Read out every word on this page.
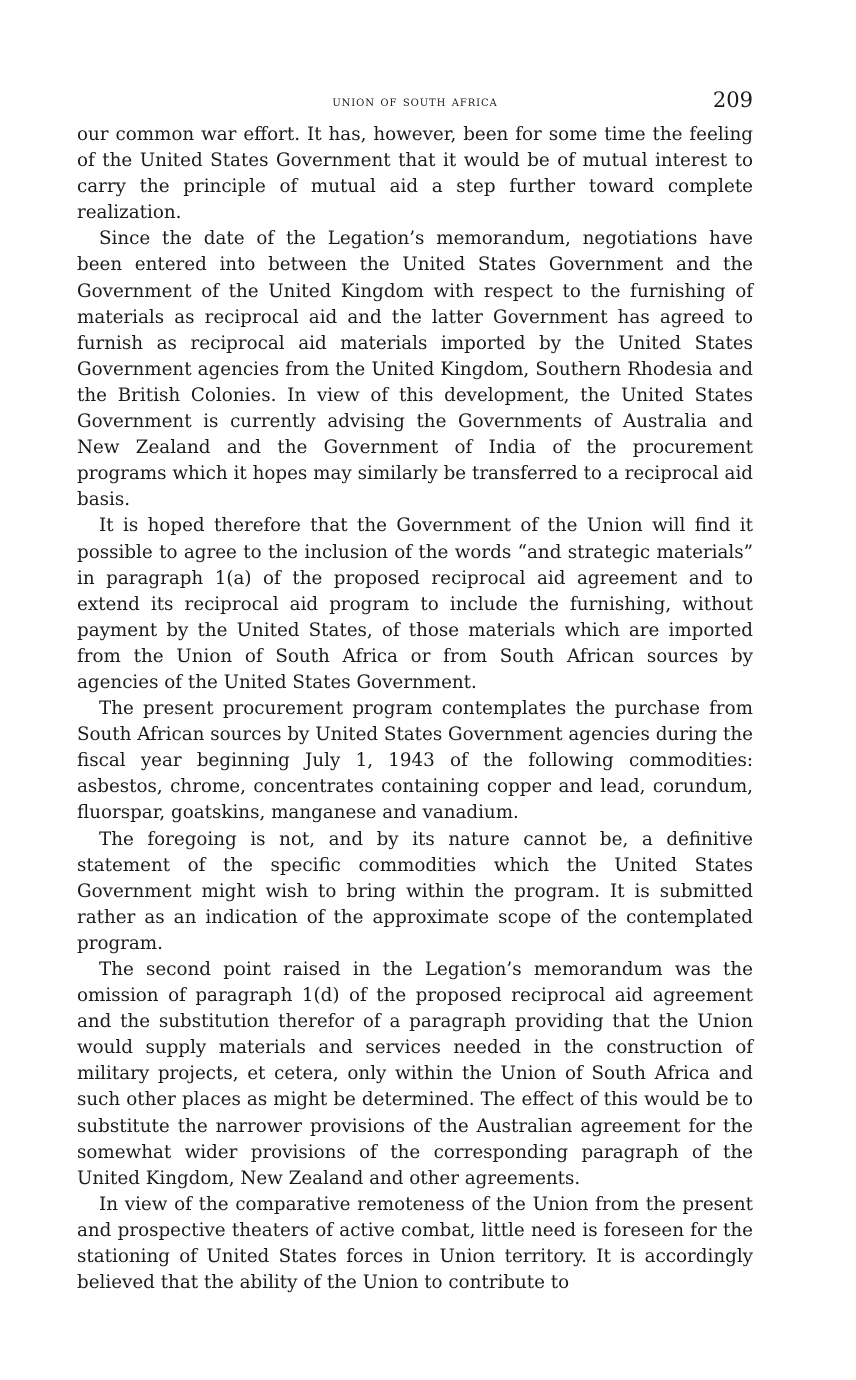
union of south africa	209

our common war effort. It has, however, been for some time the feeling of the United States Government that it would be of mutual interest to carry the principle of mutual aid a step further toward complete realization.

Since the date of the Legation’s memorandum, negotiations have been entered into between the United States Government and the Government of the United Kingdom with respect to the furnishing of materials as reciprocal aid and the latter Government has agreed to furnish as reciprocal aid materials imported by the United States Government agencies from the United Kingdom, Southern Rhodesia and the British Colonies. In view of this development, the United States Government is currently advising the Governments of Australia and New Zealand and the Government of India of the procurement programs which it hopes may similarly be transferred to a reciprocal aid basis.

It is hoped therefore that the Government of the Union will find it possible to agree to the inclusion of the words “and strategic materials” in paragraph 1(a) of the proposed reciprocal aid agreement and to extend its reciprocal aid program to include the furnishing, without payment by the United States, of those materials which are imported from the Union of South Africa or from South African sources by agencies of the United States Government.

The present procurement program contemplates the purchase from South African sources by United States Government agencies during the fiscal year beginning July 1, 1943 of the following commodities: asbestos, chrome, concentrates containing copper and lead, corundum, fluorspar, goatskins, manganese and vanadium.

The foregoing is not, and by its nature cannot be, a definitive statement of the specific commodities which the United States Government might wish to bring within the program. It is submitted rather as an indication of the approximate scope of the contemplated program.

The second point raised in the Legation’s memorandum was the omission of paragraph 1(d) of the proposed reciprocal aid agreement and the substitution therefor of a paragraph providing that the Union would supply materials and services needed in the construction of military projects, et cetera, only within the Union of South Africa and such other places as might be determined. The effect of this would be to substitute the narrower provisions of the Australian agreement for the somewhat wider provisions of the corresponding paragraph of the United Kingdom, New Zealand and other agreements.

In view of the comparative remoteness of the Union from the present and prospective theaters of active combat, little need is foreseen for the stationing of United States forces in Union territory. It is accordingly believed that the ability of the Union to contribute to
